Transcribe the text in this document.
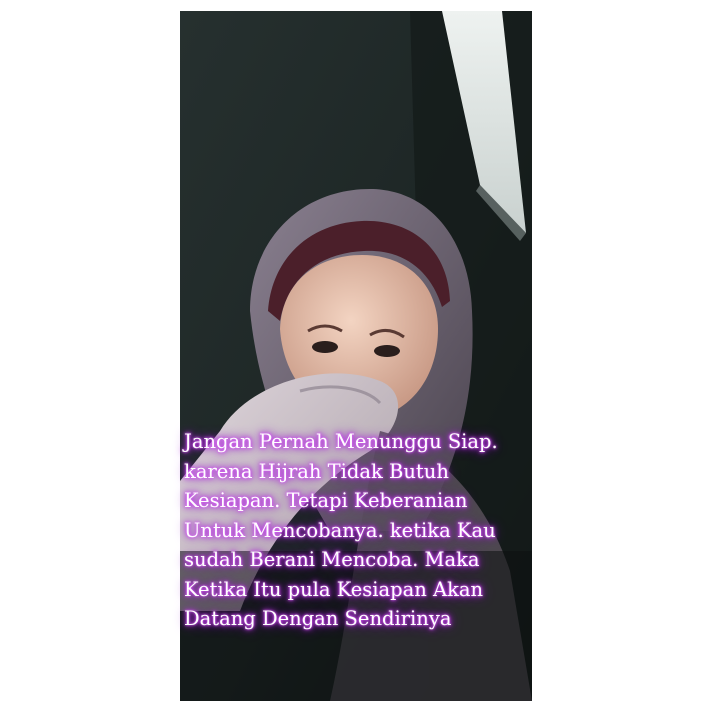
Jangan Pernah Menunggu Siap. karena Hijrah Tidak Butuh Kesiapan. Tetapi Keberanian Untuk Mencobanya. ketika Kau sudah Berani Mencoba. Maka Ketika Itu pula Kesiapan Akan Datang Dengan Sendirinya
